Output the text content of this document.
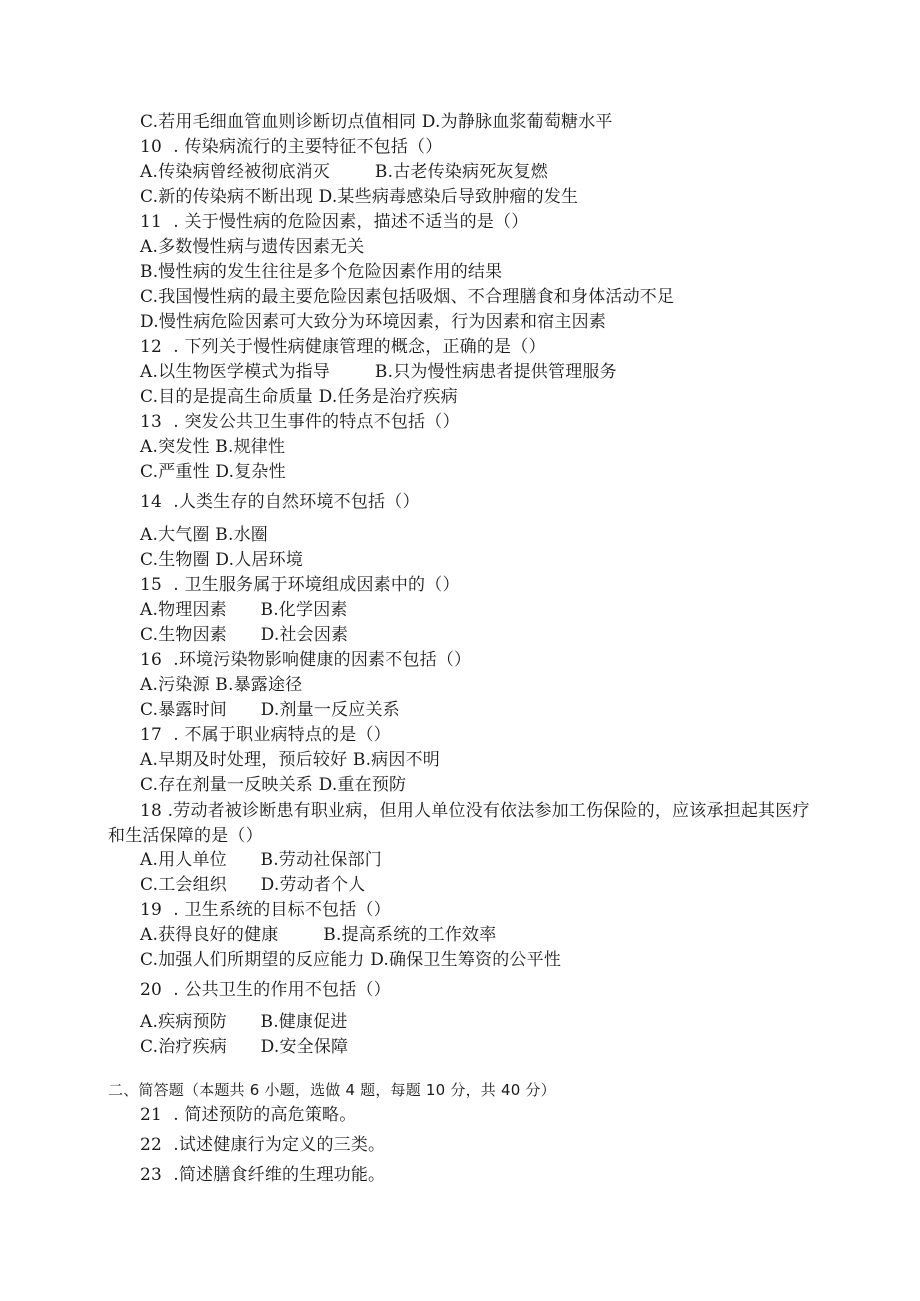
C.若用毛细血管血则诊断切点值相同 D.为静脉血浆葡萄糖水平
10  . 传染病流行的主要特征不包括（）
A.传染病曾经被彻底消灭        B.古老传染病死灰复燃
C.新的传染病不断出现 D.某些病毒感染后导致肿瘤的发生
11  . 关于慢性病的危险因素，描述不适当的是（）
A.多数慢性病与遗传因素无关
B.慢性病的发生往往是多个危险因素作用的结果
C.我国慢性病的最主要危险因素包括吸烟、不合理膳食和身体活动不足
D.慢性病危险因素可大致分为环境因素，行为因素和宿主因素
12  . 下列关于慢性病健康管理的概念，正确的是（）
A.以生物医学模式为指导        B.只为慢性病患者提供管理服务
C.目的是提高生命质量 D.任务是治疗疾病
13  . 突发公共卫生事件的特点不包括（）
A.突发性 B.规律性
C.严重性 D.复杂性
14  .人类生存的自然环境不包括（）
A.大气圈 B.水圈
C.生物圈 D.人居环境
15  . 卫生服务属于环境组成因素中的（）
A.物理因素      B.化学因素
C.生物因素      D.社会因素
16  .环境污染物影响健康的因素不包括（）
A.污染源 B.暴露途径
C.暴露时间      D.剂量一反应关系
17  . 不属于职业病特点的是（）
A.早期及时处理，预后较好 B.病因不明
C.存在剂量一反映关系 D.重在预防
18 .劳动者被诊断患有职业病，但用人单位没有依法参加工伤保险的，应该承担起其医疗和生活保障的是（）
A.用人单位      B.劳动社保部门
C.工会组织      D.劳动者个人
19  . 卫生系统的目标不包括（）
A.获得良好的健康        B.提高系统的工作效率
C.加强人们所期望的反应能力 D.确保卫生筹资的公平性
20  . 公共卫生的作用不包括（）
A.疾病预防      B.健康促进
C.治疗疾病      D.安全保障
二、简答题（本题共 6 小题，选做 4 题，每题 10 分，共 40 分）
21  . 简述预防的高危策略。
22  .试述健康行为定义的三类。
23  .简述膳食纤维的生理功能。
